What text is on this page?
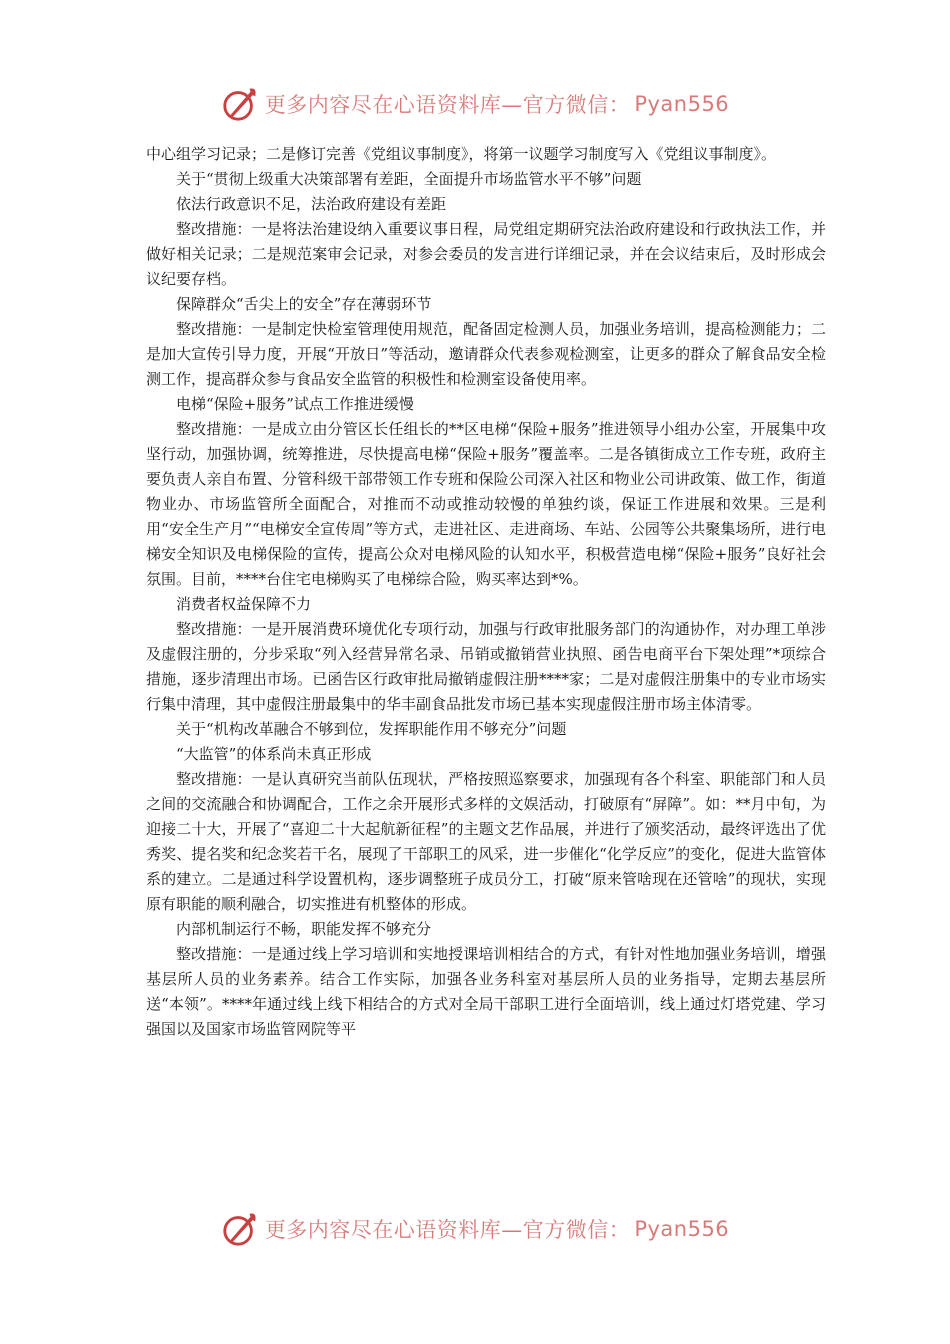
更多内容尽在心语资料库—官方微信： Pyan556

中心组学习记录；二是修订完善《党组议事制度》，将第一议题学习制度写入《党组议事制度》。

关于“贯彻上级重大决策部署有差距，全面提升市场监管水平不够”问题

依法行政意识不足，法治政府建设有差距

整改措施：一是将法治建设纳入重要议事日程，局党组定期研究法治政府建设和行政执法工作，并做好相关记录；二是规范案审会记录，对参会委员的发言进行详细记录，并在会议结束后，及时形成会议纪要存档。

保障群众“舌尖上的安全”存在薄弱环节

整改措施：一是制定快检室管理使用规范，配备固定检测人员，加强业务培训，提高检测能力；二是加大宣传引导力度，开展“开放日”等活动，邀请群众代表参观检测室，让更多的群众了解食品安全检测工作，提高群众参与食品安全监管的积极性和检测室设备使用率。

电梯“保险+服务”试点工作推进缓慢

整改措施：一是成立由分管区长任组长的**区电梯“保险+服务”推进领导小组办公室，开展集中攻坚行动，加强协调，统筹推进，尽快提高电梯“保险+服务”覆盖率。二是各镇街成立工作专班，政府主要负责人亲自布置、分管科级干部带领工作专班和保险公司深入社区和物业公司讲政策、做工作，街道物业办、市场监管所全面配合，对推而不动或推动较慢的单独约谈，保证工作进展和效果。三是利用“安全生产月”“电梯安全宣传周”等方式，走进社区、走进商场、车站、公园等公共聚集场所，进行电梯安全知识及电梯保险的宣传，提高公众对电梯风险的认知水平，积极营造电梯“保险+服务”良好社会氛围。目前，****台住宅电梯购买了电梯综合险，购买率达到*%。

消费者权益保障不力

整改措施：一是开展消费环境优化专项行动，加强与行政审批服务部门的沟通协作，对办理工单涉及虚假注册的，分步采取“列入经营异常名录、吊销或撤销营业执照、函告电商平台下架处理”*项综合措施，逐步清理出市场。已函告区行政审批局撤销虚假注册****家；二是对虚假注册集中的专业市场实行集中清理，其中虚假注册最集中的华丰副食品批发市场已基本实现虚假注册市场主体清零。

关于“机构改革融合不够到位，发挥职能作用不够充分”问题

“大监管”的体系尚未真正形成

整改措施：一是认真研究当前队伍现状，严格按照巡察要求，加强现有各个科室、职能部门和人员之间的交流融合和协调配合，工作之余开展形式多样的文娱活动，打破原有“屏障”。如：**月中旬，为迎接二十大，开展了“喜迎二十大起航新征程”的主题文艺作品展，并进行了颁奖活动，最终评选出了优秀奖、提名奖和纪念奖若干名，展现了干部职工的风采，进一步催化“化学反应”的变化，促进大监管体系的建立。二是通过科学设置机构，逐步调整班子成员分工，打破“原来管啥现在还管啥”的现状，实现原有职能的顺利融合，切实推进有机整体的形成。

内部机制运行不畅，职能发挥不够充分

整改措施：一是通过线上学习培训和实地授课培训相结合的方式，有针对性地加强业务培训，增强基层所人员的业务素养。结合工作实际，加强各业务科室对基层所人员的业务指导，定期去基层所送“本领”。****年通过线上线下相结合的方式对全局干部职工进行全面培训，线上通过灯塔党建、学习强国以及国家市场监管网院等平

更多内容尽在心语资料库—官方微信： Pyan556
